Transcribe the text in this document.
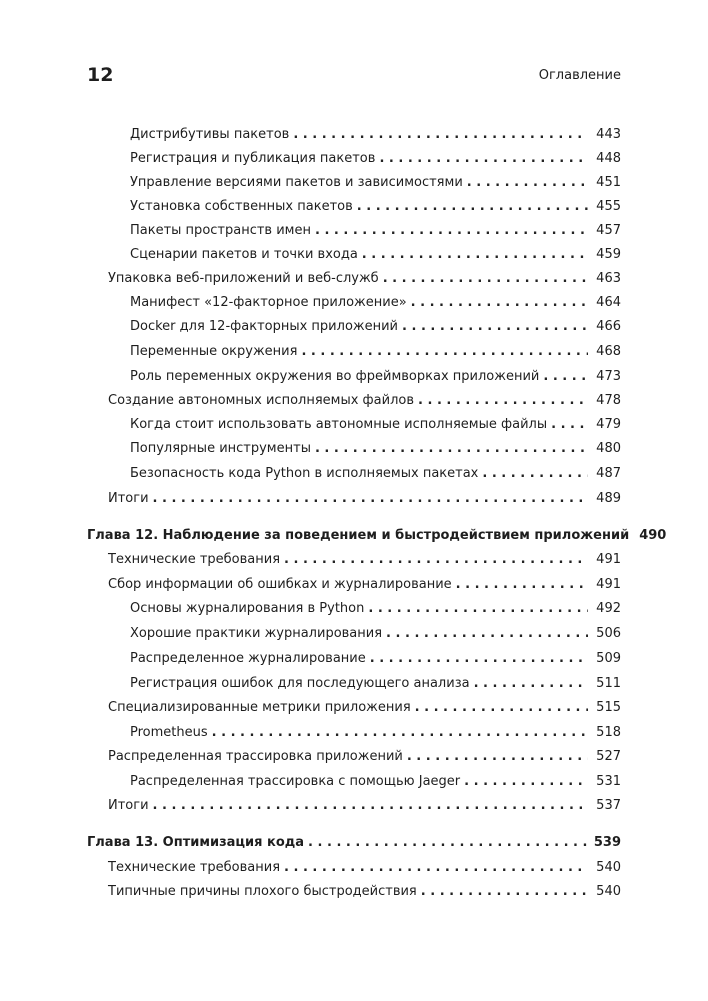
12	Оглавление
Дистрибутивы пакетов . . .	443
Регистрация и публикация пакетов . . .	448
Управление версиями пакетов и зависимостями . . .	451
Установка собственных пакетов . . .	455
Пакеты пространств имен . . .	457
Сценарии пакетов и точки входа . . .	459
Упаковка веб-приложений и веб-служб . . .	463
Манифест «12-факторное приложение» . . .	464
Docker для 12-факторных приложений . . .	466
Переменные окружения . . .	468
Роль переменных окружения во фреймворках приложений . . .	473
Создание автономных исполняемых файлов . . .	478
Когда стоит использовать автономные исполняемые файлы . . .	479
Популярные инструменты . . .	480
Безопасность кода Python в исполняемых пакетах . . .	487
Итоги . . .	489
Глава 12. Наблюдение за поведением и быстродействием приложений 490
Технические требования . . .	491
Сбор информации об ошибках и журналирование . . .	491
Основы журналирования в Python . . .	492
Хорошие практики журналирования . . .	506
Распределенное журналирование . . .	509
Регистрация ошибок для последующего анализа . . .	511
Специализированные метрики приложения . . .	515
Prometheus . . .	518
Распределенная трассировка приложений . . .	527
Распределенная трассировка с помощью Jaeger . . .	531
Итоги . . .	537
Глава 13. Оптимизация кода . . .	539
Технические требования . . .	540
Типичные причины плохого быстродействия . . .	540
